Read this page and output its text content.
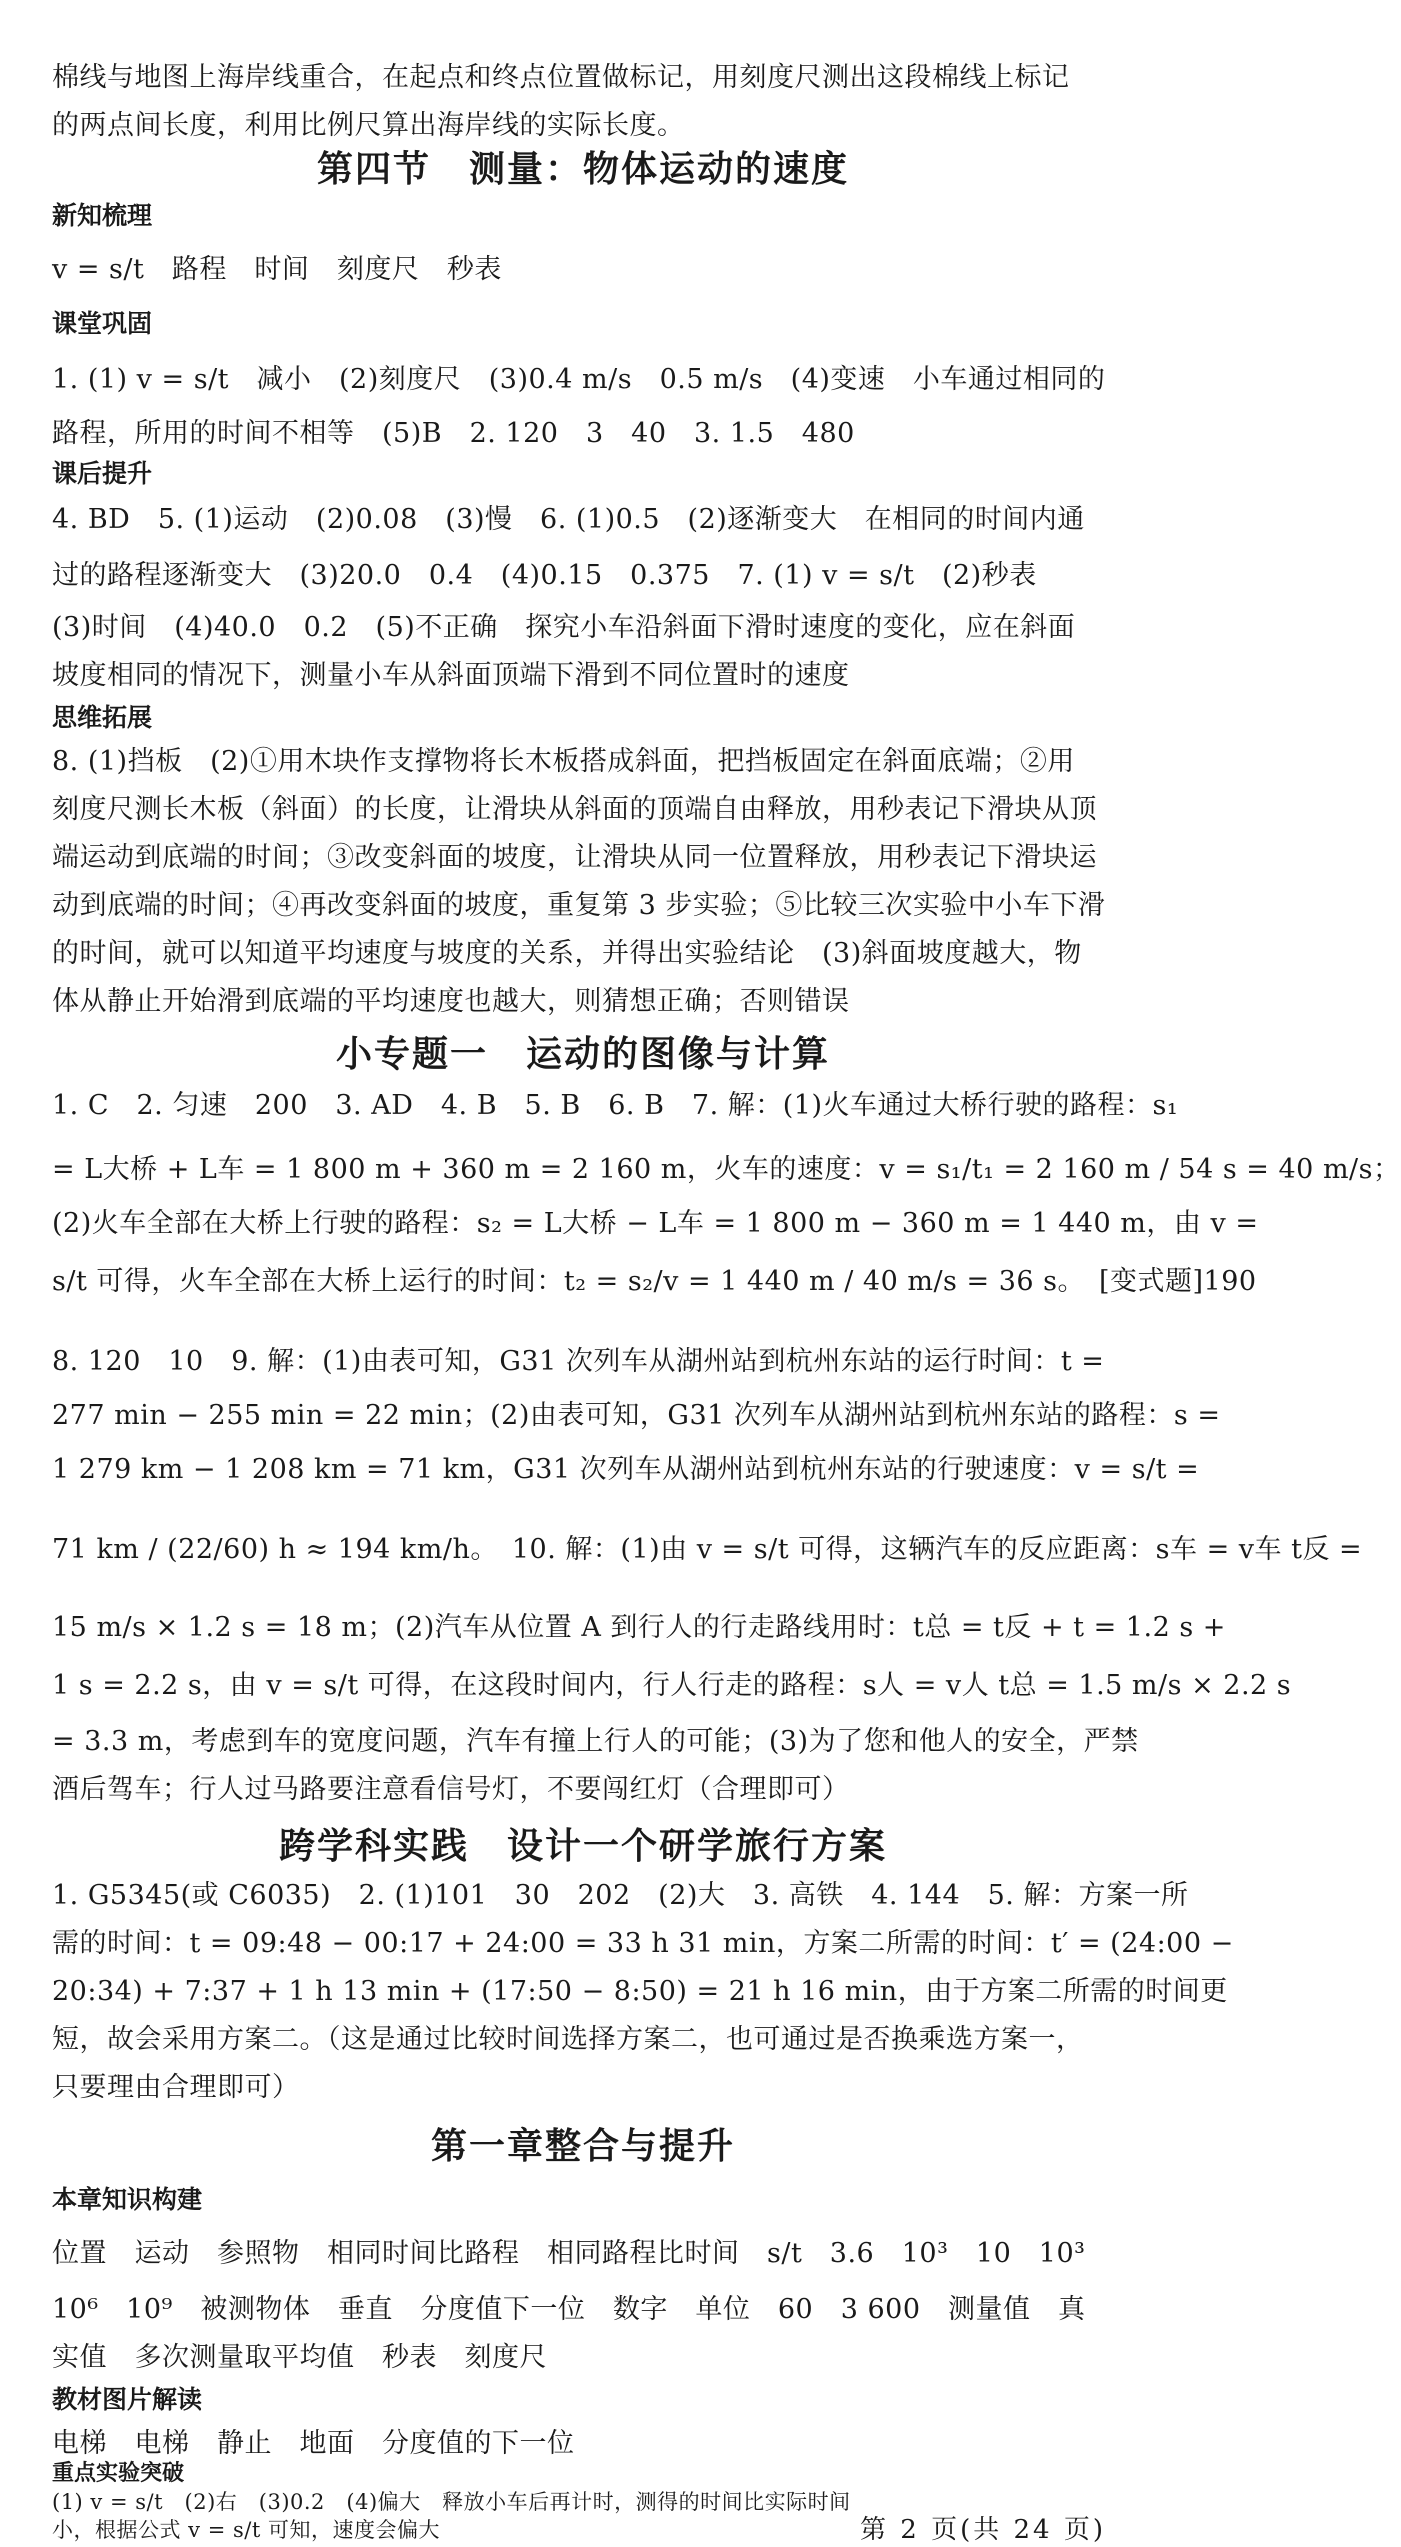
棉线与地图上海岸线重合，在起点和终点位置做标记，用刻度尺测出这段棉线上标记
的两点间长度，利用比例尺算出海岸线的实际长度。
第四节　测量：物体运动的速度
新知梳理
v = s/t　路程　时间　刻度尺　秒表
课堂巩固
1. (1) v = s/t　减小　(2)刻度尺　(3)0.4 m/s　0.5 m/s　(4)变速　小车通过相同的
路程，所用的时间不相等　(5)B　2. 120　3　40　3. 1.5　480
课后提升
4. BD　5. (1)运动　(2)0.08　(3)慢　6. (1)0.5　(2)逐渐变大　在相同的时间内通
过的路程逐渐变大　(3)20.0　0.4　(4)0.15　0.375　7. (1) v = s/t　(2)秒表
(3)时间　(4)40.0　0.2　(5)不正确　探究小车沿斜面下滑时速度的变化，应在斜面
坡度相同的情况下，测量小车从斜面顶端下滑到不同位置时的速度
思维拓展
8. (1)挡板　(2)①用木块作支撑物将长木板搭成斜面，把挡板固定在斜面底端；②用
刻度尺测长木板（斜面）的长度，让滑块从斜面的顶端自由释放，用秒表记下滑块从顶
端运动到底端的时间；③改变斜面的坡度，让滑块从同一位置释放，用秒表记下滑块运
动到底端的时间；④再改变斜面的坡度，重复第 3 步实验；⑤比较三次实验中小车下滑
的时间，就可以知道平均速度与坡度的关系，并得出实验结论　(3)斜面坡度越大，物
体从静止开始滑到底端的平均速度也越大，则猜想正确；否则错误
小专题一　运动的图像与计算
1. C　2. 匀速　200　3. AD　4. B　5. B　6. B　7. 解：(1)火车通过大桥行驶的路程：s₁
= L大桥 + L车 = 1 800 m + 360 m = 2 160 m，火车的速度：v = s₁/t₁ = 2 160 m / 54 s = 40 m/s；
(2)火车全部在大桥上行驶的路程：s₂ = L大桥 − L车 = 1 800 m − 360 m = 1 440 m，由 v =
s/t 可得，火车全部在大桥上运行的时间：t₂ = s₂/v = 1 440 m / 40 m/s = 36 s。　[变式题]190
8. 120　10　9. 解：(1)由表可知，G31 次列车从湖州站到杭州东站的运行时间：t =
277 min − 255 min = 22 min；(2)由表可知，G31 次列车从湖州站到杭州东站的路程：s =
1 279 km − 1 208 km = 71 km，G31 次列车从湖州站到杭州东站的行驶速度：v = s/t =
71 km / (22/60) h ≈ 194 km/h。　10. 解：(1)由 v = s/t 可得，这辆汽车的反应距离：s车 = v车 t反 =
15 m/s × 1.2 s = 18 m；(2)汽车从位置 A 到行人的行走路线用时：t总 = t反 + t = 1.2 s +
1 s = 2.2 s，由 v = s/t 可得，在这段时间内，行人行走的路程：s人 = v人 t总 = 1.5 m/s × 2.2 s
= 3.3 m，考虑到车的宽度问题，汽车有撞上行人的可能；(3)为了您和他人的安全，严禁
酒后驾车；行人过马路要注意看信号灯，不要闯红灯（合理即可）
跨学科实践　设计一个研学旅行方案
1. G5345(或 C6035)　2. (1)101　30　202　(2)大　3. 高铁　4. 144　5. 解：方案一所
需的时间：t = 09:48 − 00:17 + 24:00 = 33 h 31 min，方案二所需的时间：t′ = (24:00 −
20:34) + 7:37 + 1 h 13 min + (17:50 − 8:50) = 21 h 16 min，由于方案二所需的时间更
短，故会采用方案二。（这是通过比较时间选择方案二，也可通过是否换乘选方案一，
只要理由合理即可）
第一章整合与提升
本章知识构建
位置　运动　参照物　相同时间比路程　相同路程比时间　s/t　3.6　10³　10　10³
10⁶　10⁹　被测物体　垂直　分度值下一位　数字　单位　60　3 600　测量值　真
实值　多次测量取平均值　秒表　刻度尺
教材图片解读
电梯　电梯　静止　地面　分度值的下一位
重点实验突破
(1) v = s/t　(2)右　(3)0.2　(4)偏大　释放小车后再计时，测得的时间比实际时间
小，根据公式 v = s/t 可知，速度会偏大	第 2 页(共 24 页)
